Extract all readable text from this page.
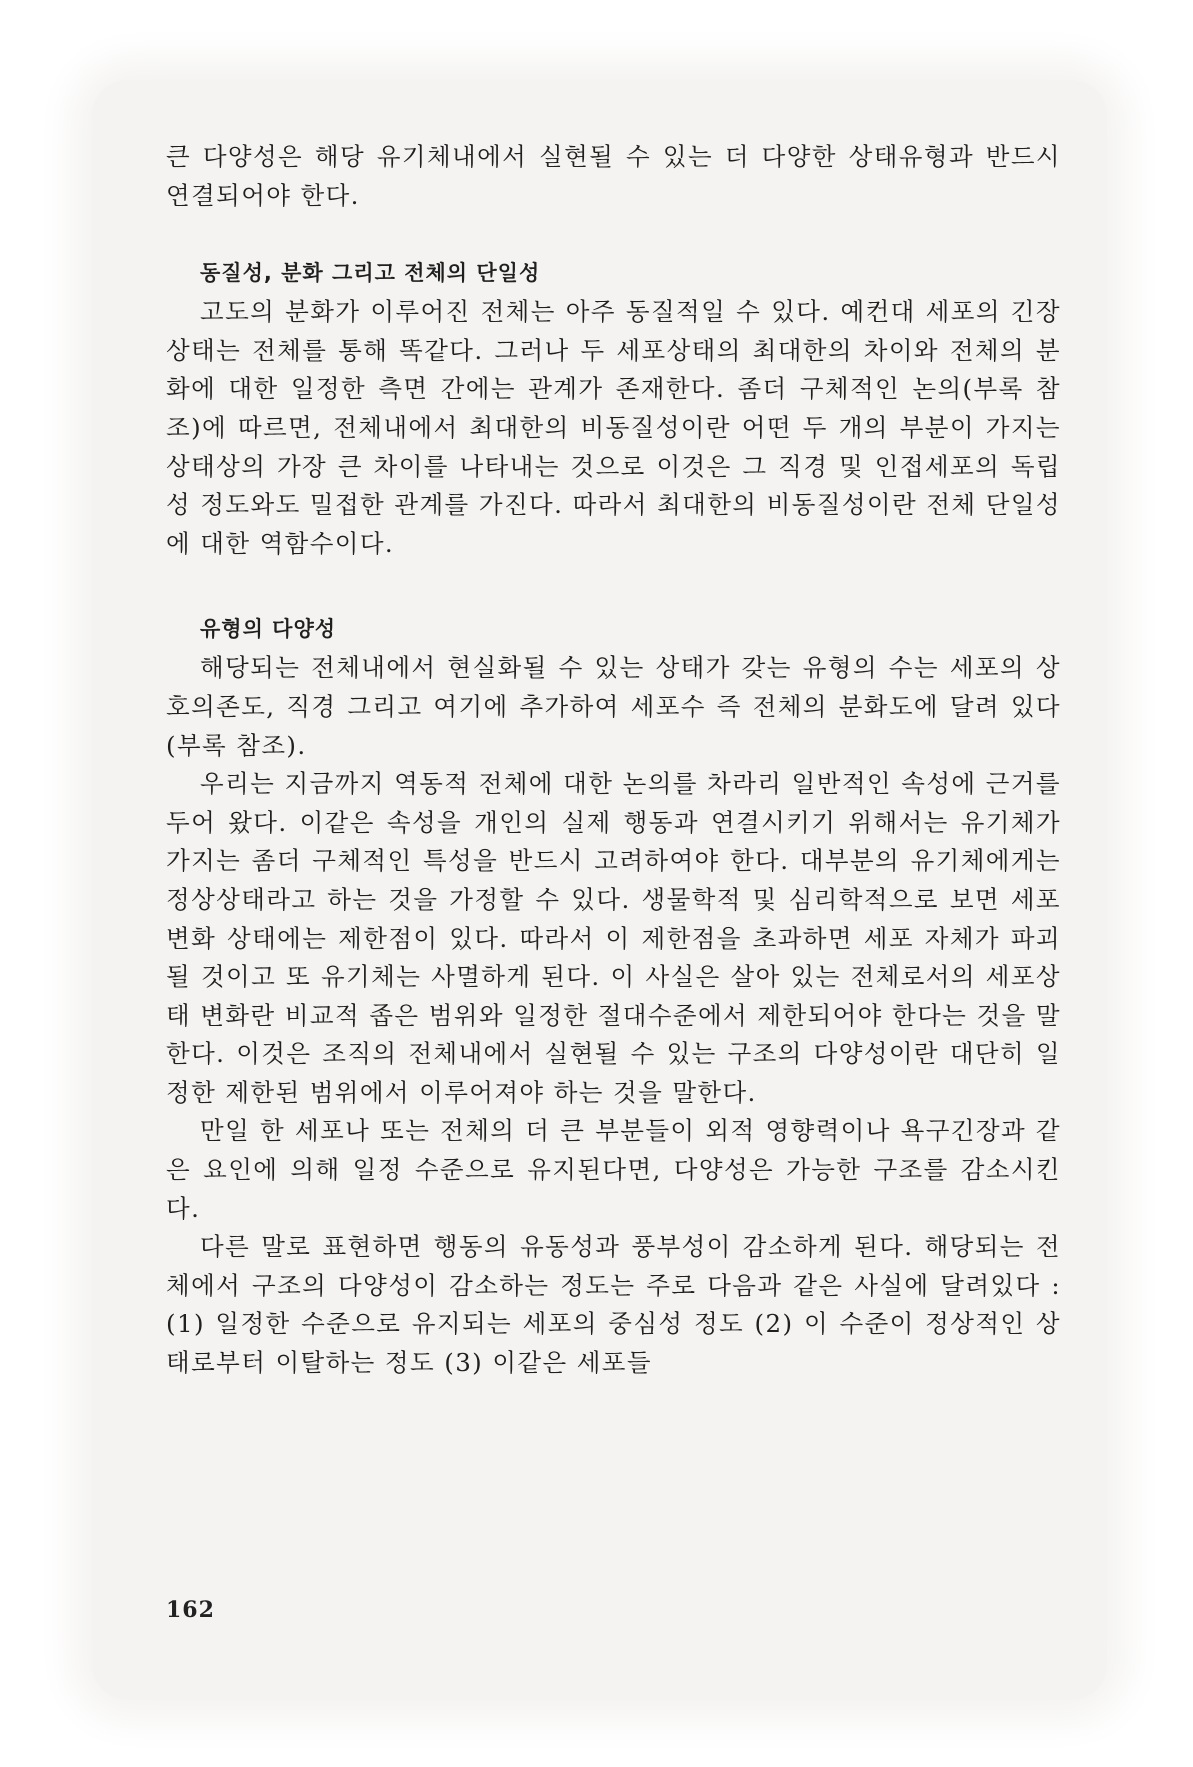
큰 다양성은 해당 유기체내에서 실현될 수 있는 더 다양한 상태유형과 반드시 연결되어야 한다.

동질성, 분화 그리고 전체의 단일성

고도의 분화가 이루어진 전체는 아주 동질적일 수 있다. 예컨대 세포의 긴장상태는 전체를 통해 똑같다. 그러나 두 세포상태의 최대한의 차이와 전체의 분화에 대한 일정한 측면 간에는 관계가 존재한다. 좀더 구체적인 논의(부록 참조)에 따르면, 전체내에서 최대한의 비동질성이란 어떤 두 개의 부분이 가지는 상태상의 가장 큰 차이를 나타내는 것으로 이것은 그 직경 및 인접세포의 독립성 정도와도 밀접한 관계를 가진다. 따라서 최대한의 비동질성이란 전체 단일성에 대한 역함수이다.

유형의 다양성

해당되는 전체내에서 현실화될 수 있는 상태가 갖는 유형의 수는 세포의 상호의존도, 직경 그리고 여기에 추가하여 세포수 즉 전체의 분화도에 달려 있다(부록 참조).

우리는 지금까지 역동적 전체에 대한 논의를 차라리 일반적인 속성에 근거를 두어 왔다. 이같은 속성을 개인의 실제 행동과 연결시키기 위해서는 유기체가 가지는 좀더 구체적인 특성을 반드시 고려하여야 한다. 대부분의 유기체에게는 정상상태라고 하는 것을 가정할 수 있다. 생물학적 및 심리학적으로 보면 세포변화 상태에는 제한점이 있다. 따라서 이 제한점을 초과하면 세포 자체가 파괴될 것이고 또 유기체는 사멸하게 된다. 이 사실은 살아 있는 전체로서의 세포상태 변화란 비교적 좁은 범위와 일정한 절대수준에서 제한되어야 한다는 것을 말한다. 이것은 조직의 전체내에서 실현될 수 있는 구조의 다양성이란 대단히 일정한 제한된 범위에서 이루어져야 하는 것을 말한다.

만일 한 세포나 또는 전체의 더 큰 부분들이 외적 영향력이나 욕구긴장과 같은 요인에 의해 일정 수준으로 유지된다면, 다양성은 가능한 구조를 감소시킨다.

다른 말로 표현하면 행동의 유동성과 풍부성이 감소하게 된다. 해당되는 전체에서 구조의 다양성이 감소하는 정도는 주로 다음과 같은 사실에 달려있다 : (1) 일정한 수준으로 유지되는 세포의 중심성 정도 (2) 이 수준이 정상적인 상태로부터 이탈하는 정도 (3) 이같은 세포들

162
